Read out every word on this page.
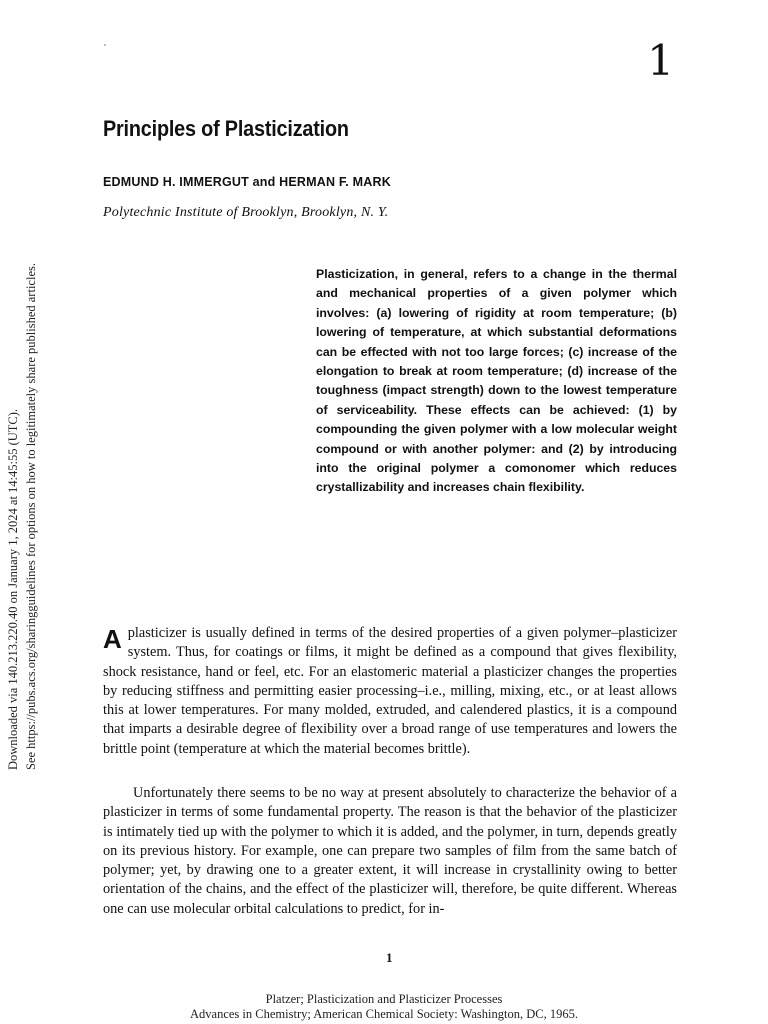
1
Principles of Plasticization
EDMUND H. IMMERGUT and HERMAN F. MARK
Polytechnic Institute of Brooklyn, Brooklyn, N. Y.

Plasticization, in general, refers to a change in the thermal and mechanical properties of a given polymer which involves: (a) lowering of rigidity at room temperature; (b) lowering of temperature, at which substantial deformations can be effected with not too large forces; (c) increase of the elongation to break at room temperature; (d) increase of the toughness (impact strength) down to the lowest temperature of serviceability. These effects can be achieved: (1) by compounding the given polymer with a low molecular weight compound or with another polymer: and (2) by introducing into the original polymer a comonomer which reduces crystallizability and increases chain flexibility.

Aplasticizer is usually defined in terms of the desired properties of a given polymer–plasticizer system. Thus, for coatings or films, it might be defined as a compound that gives flexibility, shock resistance, hand or feel, etc. For an elastomeric material a plasticizer changes the properties by reducing stiffness and permitting easier processing–i.e., milling, mixing, etc., or at least allows this at lower temperatures. For many molded, extruded, and calendered plastics, it is a compound that imparts a desirable degree of flexibility over a broad range of use temperatures and lowers the brittle point (temperature at which the material becomes brittle).

Unfortunately there seems to be no way at present absolutely to characterize the behavior of a plasticizer in terms of some fundamental property. The reason is that the behavior of the plasticizer is intimately tied up with the polymer to which it is added, and the polymer, in turn, depends greatly on its previous history. For example, one can prepare two samples of film from the same batch of polymer; yet, by drawing one to a greater extent, it will increase in crystallinity owing to better orientation of the chains, and the effect of the plasticizer will, therefore, be quite different. Whereas one can use molecular orbital calculations to predict, for in-

1
Platzer; Plasticization and Plasticizer Processes
Advances in Chemistry; American Chemical Society: Washington, DC, 1965.
Downloaded via 140.213.220.40 on January 1, 2024 at 14:45:55 (UTC). See https://pubs.acs.org/sharingguidelines for options on how to legitimately share published articles.
